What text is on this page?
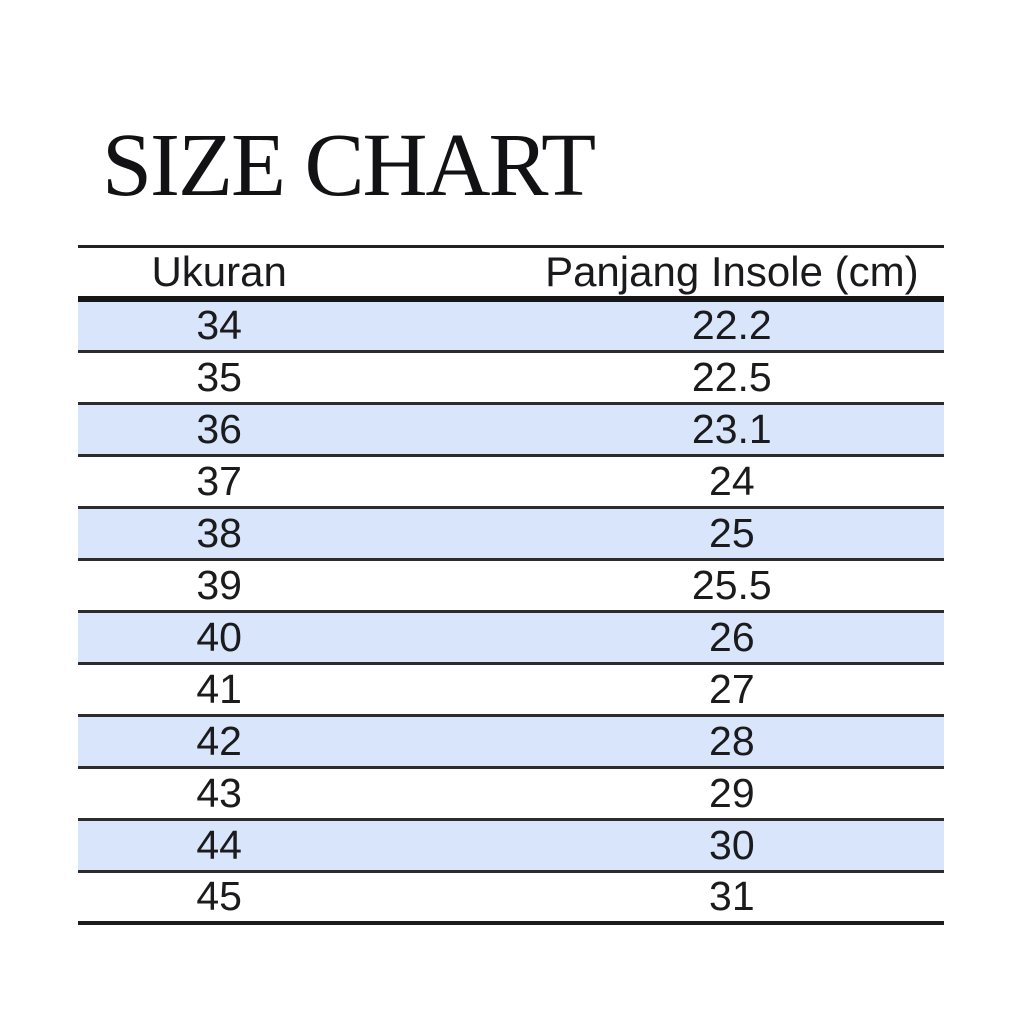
SIZE CHART
Ukuran		Panjang Insole (cm)
34		22.2
35		22.5
36		23.1
37		24
38		25
39		25.5
40		26
41		27
42		28
43		29
44		30
45		31
